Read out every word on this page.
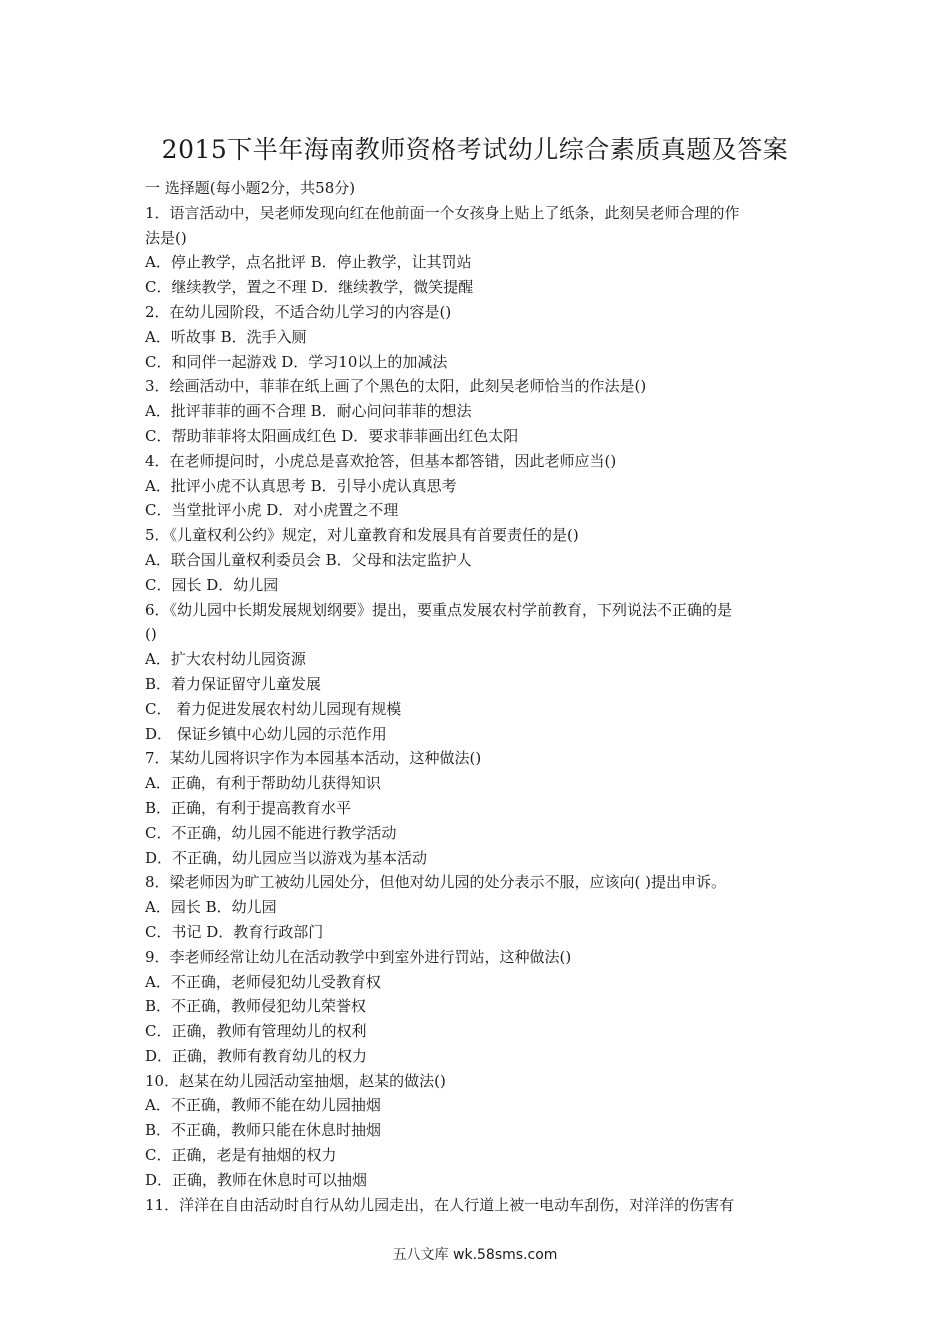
2015下半年海南教师资格考试幼儿综合素质真题及答案
一 选择题(每小题2分，共58分)
1．语言活动中，吴老师发现向红在他前面一个女孩身上贴上了纸条，此刻吴老师合理的作
法是()
A．停止教学，点名批评 B．停止教学，让其罚站
C．继续教学，置之不理 D．继续教学，微笑提醒
2．在幼儿园阶段，不适合幼儿学习的内容是()
A．听故事 B．洗手入厕
C．和同伴一起游戏 D．学习10以上的加减法
3．绘画活动中，菲菲在纸上画了个黑色的太阳，此刻吴老师恰当的作法是()
A．批评菲菲的画不合理 B．耐心问问菲菲的想法
C．帮助菲菲将太阳画成红色 D．要求菲菲画出红色太阳
4．在老师提问时，小虎总是喜欢抢答，但基本都答错，因此老师应当()
A．批评小虎不认真思考 B．引导小虎认真思考
C．当堂批评小虎 D．对小虎置之不理
5．《儿童权利公约》规定，对儿童教育和发展具有首要责任的是()
A．联合国儿童权利委员会 B．父母和法定监护人
C．园长 D．幼儿园
6．《幼儿园中长期发展规划纲要》提出，要重点发展农村学前教育，下列说法不正确的是
()
A．扩大农村幼儿园资源
B．着力保证留守儿童发展
C． 着力促进发展农村幼儿园现有规模
D． 保证乡镇中心幼儿园的示范作用
7．某幼儿园将识字作为本园基本活动，这种做法()
A．正确，有利于帮助幼儿获得知识
B．正确，有利于提高教育水平
C．不正确，幼儿园不能进行教学活动
D．不正确，幼儿园应当以游戏为基本活动
8．梁老师因为旷工被幼儿园处分，但他对幼儿园的处分表示不服，应该向( )提出申诉。
A．园长 B．幼儿园
C．书记 D．教育行政部门
9．李老师经常让幼儿在活动教学中到室外进行罚站，这种做法()
A．不正确，老师侵犯幼儿受教育权
B．不正确，教师侵犯幼儿荣誉权
C．正确，教师有管理幼儿的权利
D．正确，教师有教育幼儿的权力
10．赵某在幼儿园活动室抽烟，赵某的做法()
A．不正确，教师不能在幼儿园抽烟
B．不正确，教师只能在休息时抽烟
C．正确，老是有抽烟的权力
D．正确，教师在休息时可以抽烟
11．洋洋在自由活动时自行从幼儿园走出，在人行道上被一电动车刮伤，对洋洋的伤害有
五八文库 wk.58sms.com
